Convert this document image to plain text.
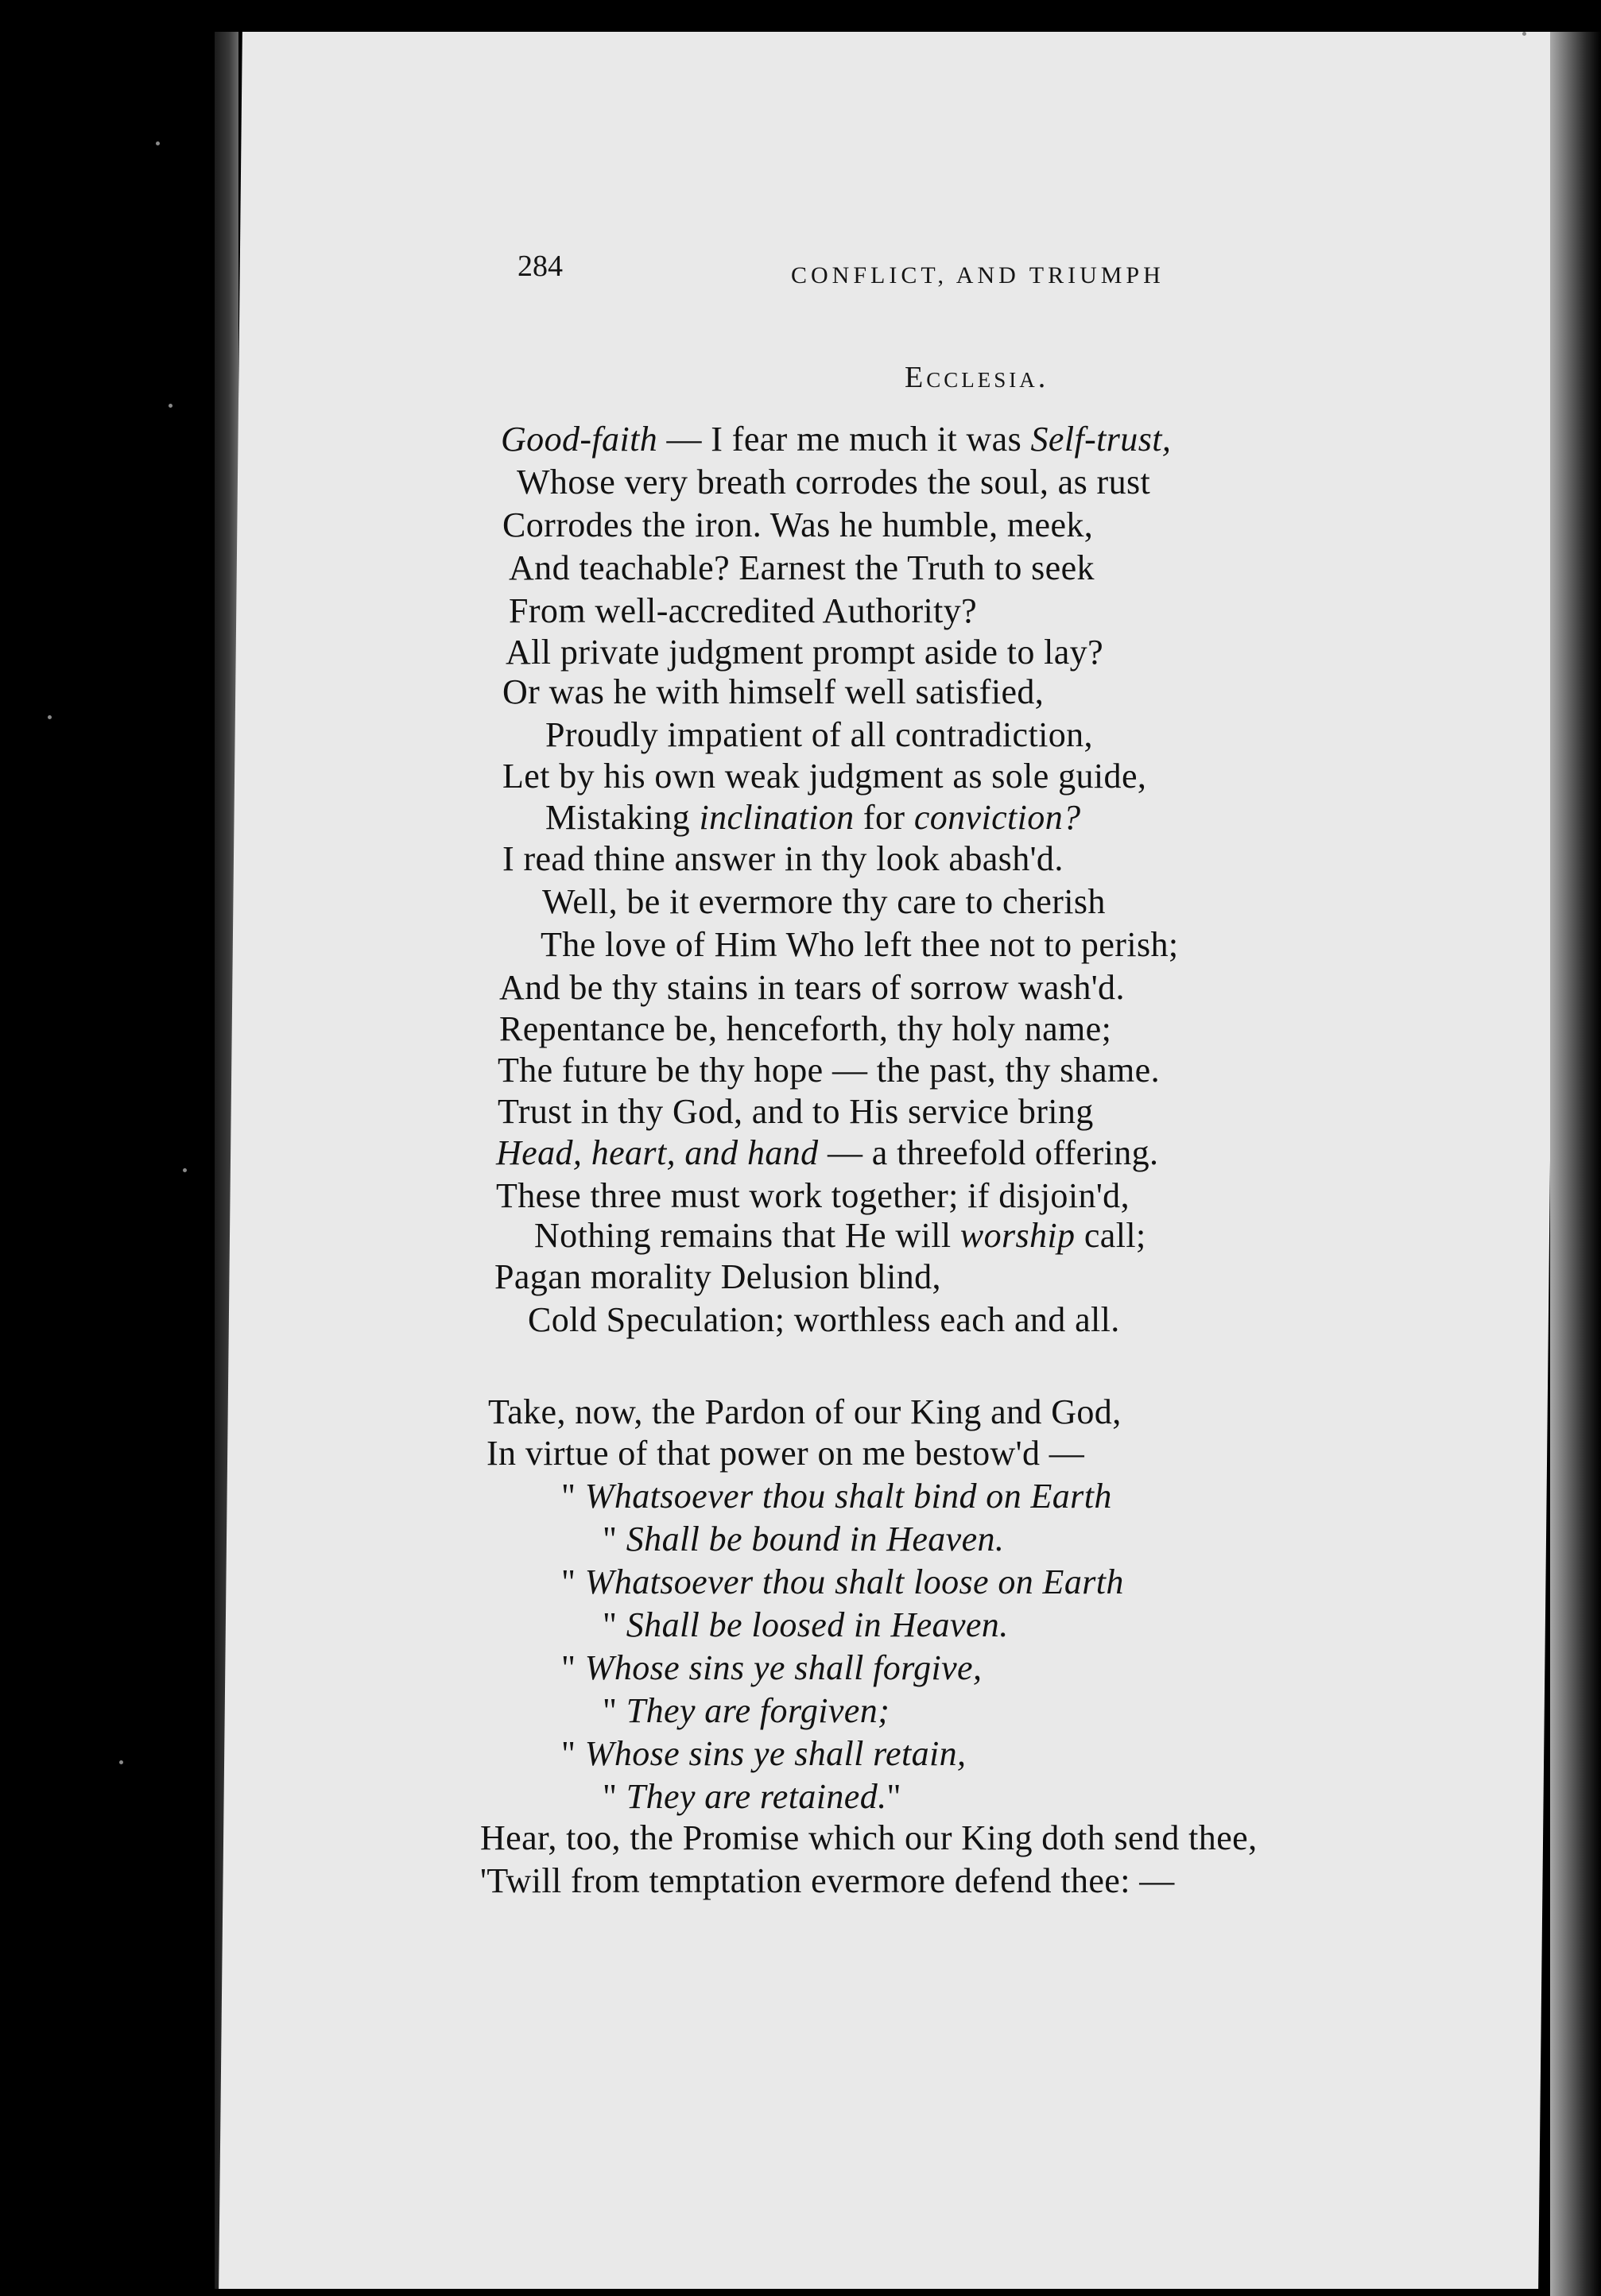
284	CONFLICT, AND TRIUMPH
Ecclesia.
Good-faith — I fear me much it was Self-trust,
Whose very breath corrodes the soul, as rust
Corrodes the iron. Was he humble, meek,
And teachable? Earnest the Truth to seek
From well-accredited Authority?
All private judgment prompt aside to lay?
Or was he with himself well satisfied,
Proudly impatient of all contradiction,
Let by his own weak judgment as sole guide,
Mistaking inclination for conviction?
I read thine answer in thy look abash'd.
Well, be it evermore thy care to cherish
The love of Him Who left thee not to perish;
And be thy stains in tears of sorrow wash'd.
Repentance be, henceforth, thy holy name;
The future be thy hope — the past, thy shame.
Trust in thy God, and to His service bring
Head, heart, and hand — a threefold offering.
These three must work together; if disjoin'd,
Nothing remains that He will worship call;
Pagan morality Delusion blind,
Cold Speculation; worthless each and all.
Take, now, the Pardon of our King and God,
In virtue of that power on me bestow'd —
" Whatsoever thou shalt bind on Earth
" Shall be bound in Heaven.
" Whatsoever thou shalt loose on Earth
" Shall be loosed in Heaven.
" Whose sins ye shall forgive,
" They are forgiven;
" Whose sins ye shall retain,
" They are retained."
Hear, too, the Promise which our King doth send thee,
'Twill from temptation evermore defend thee: —
